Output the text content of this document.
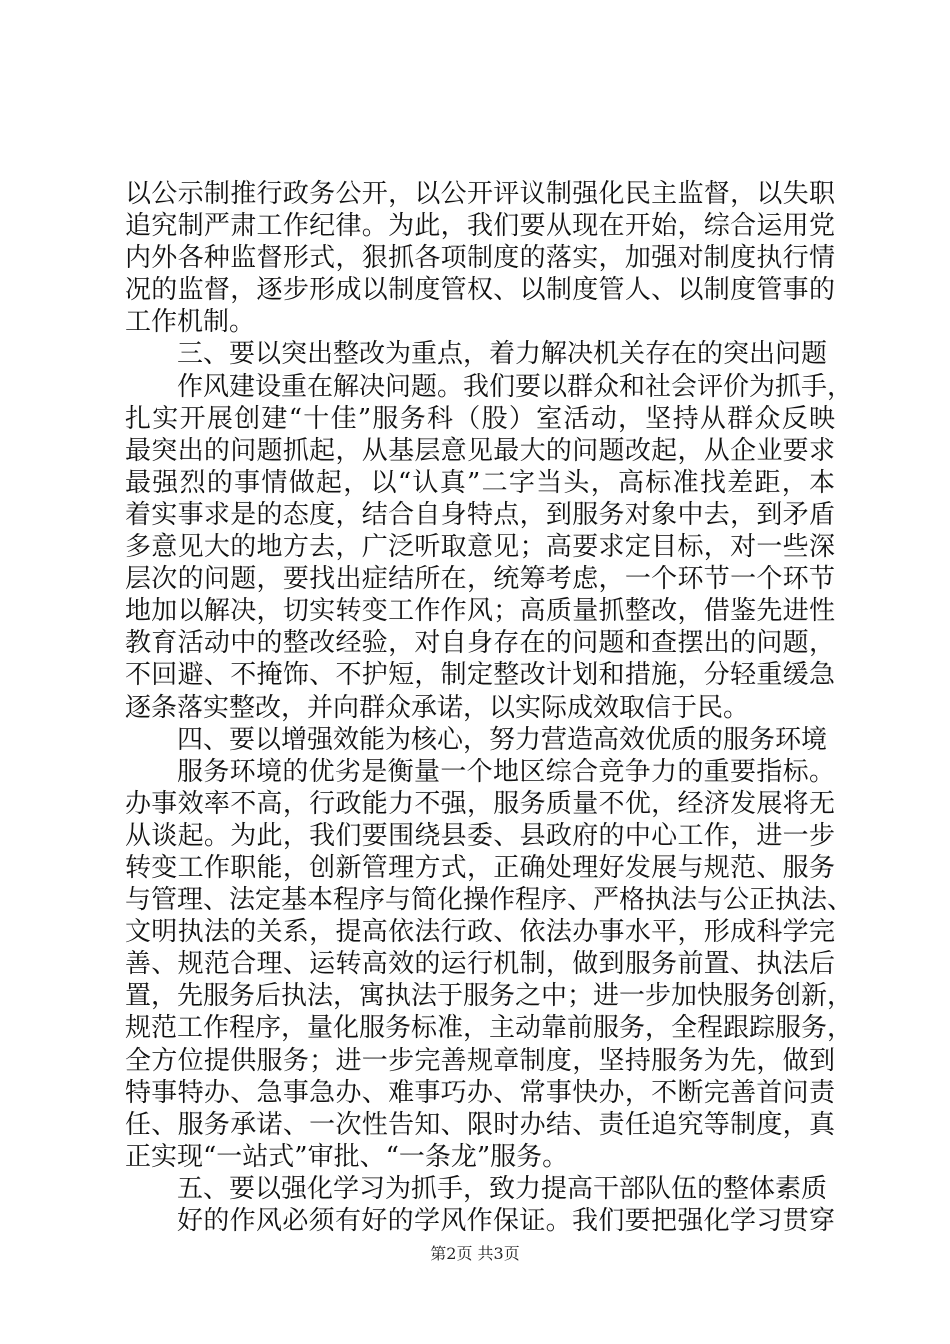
以公示制推行政务公开，以公开评议制强化民主监督，以失职
追究制严肃工作纪律。为此，我们要从现在开始，综合运用党
内外各种监督形式，狠抓各项制度的落实，加强对制度执行情
况的监督，逐步形成以制度管权、以制度管人、以制度管事的
工作机制。
三、要以突出整改为重点，着力解决机关存在的突出问题
作风建设重在解决问题。我们要以群众和社会评价为抓手，
扎实开展创建“十佳”服务科（股）室活动，坚持从群众反映
最突出的问题抓起，从基层意见最大的问题改起，从企业要求
最强烈的事情做起，以“认真”二字当头，高标准找差距，本
着实事求是的态度，结合自身特点，到服务对象中去，到矛盾
多意见大的地方去，广泛听取意见；高要求定目标，对一些深
层次的问题，要找出症结所在，统筹考虑，一个环节一个环节
地加以解决，切实转变工作作风；高质量抓整改，借鉴先进性
教育活动中的整改经验，对自身存在的问题和查摆出的问题，
不回避、不掩饰、不护短，制定整改计划和措施，分轻重缓急
逐条落实整改，并向群众承诺，以实际成效取信于民。
四、要以增强效能为核心，努力营造高效优质的服务环境
服务环境的优劣是衡量一个地区综合竞争力的重要指标。
办事效率不高，行政能力不强，服务质量不优，经济发展将无
从谈起。为此，我们要围绕县委、县政府的中心工作，进一步
转变工作职能，创新管理方式，正确处理好发展与规范、服务
与管理、法定基本程序与简化操作程序、严格执法与公正执法、
文明执法的关系，提高依法行政、依法办事水平，形成科学完
善、规范合理、运转高效的运行机制，做到服务前置、执法后
置，先服务后执法，寓执法于服务之中；进一步加快服务创新，
规范工作程序，量化服务标准，主动靠前服务，全程跟踪服务，
全方位提供服务；进一步完善规章制度，坚持服务为先，做到
特事特办、急事急办、难事巧办、常事快办，不断完善首问责
任、服务承诺、一次性告知、限时办结、责任追究等制度，真
正实现“一站式”审批、“一条龙”服务。
五、要以强化学习为抓手，致力提高干部队伍的整体素质
好的作风必须有好的学风作保证。我们要把强化学习贯穿
第2页 共3页
